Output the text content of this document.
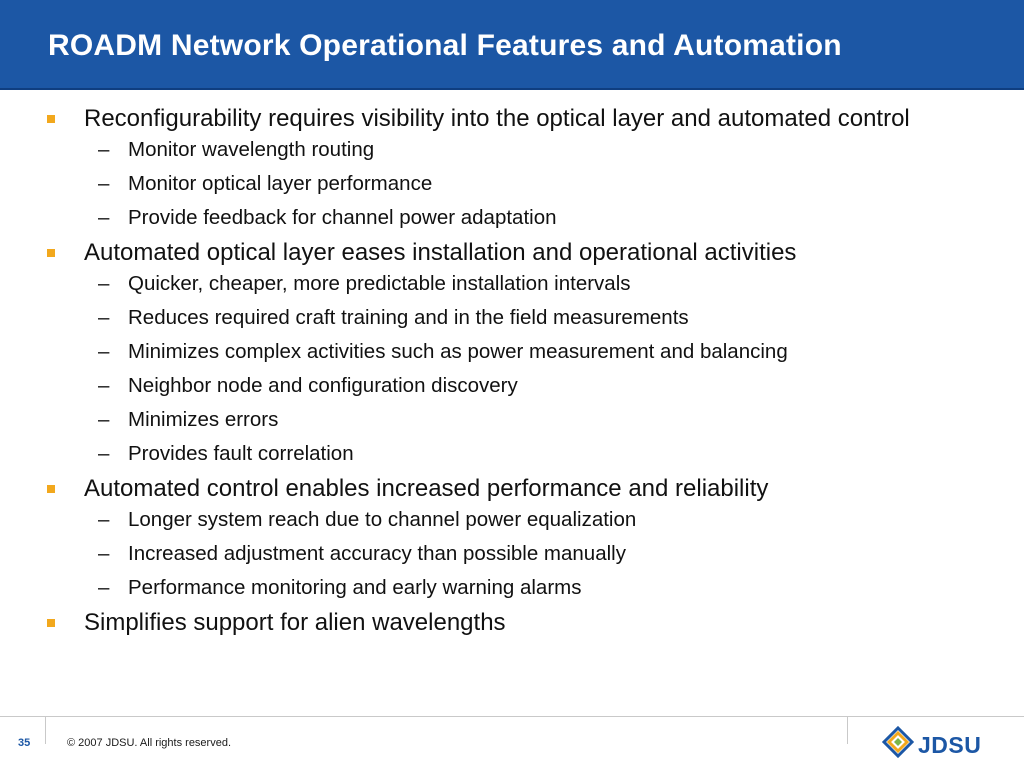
ROADM Network Operational Features and Automation
Reconfigurability requires visibility into the optical layer and automated control
– Monitor wavelength routing
– Monitor optical layer performance
– Provide feedback for channel power adaptation
Automated optical layer eases installation and operational activities
– Quicker, cheaper, more predictable installation intervals
– Reduces required craft training and in the field measurements
– Minimizes complex activities such as power measurement and balancing
– Neighbor node and configuration discovery
– Minimizes errors
– Provides fault correlation
Automated control enables increased performance and reliability
– Longer system reach due to channel power equalization
– Increased adjustment accuracy than possible manually
– Performance monitoring and early warning alarms
Simplifies support for alien wavelengths
35	© 2007 JDSU. All rights reserved.	JDSU
